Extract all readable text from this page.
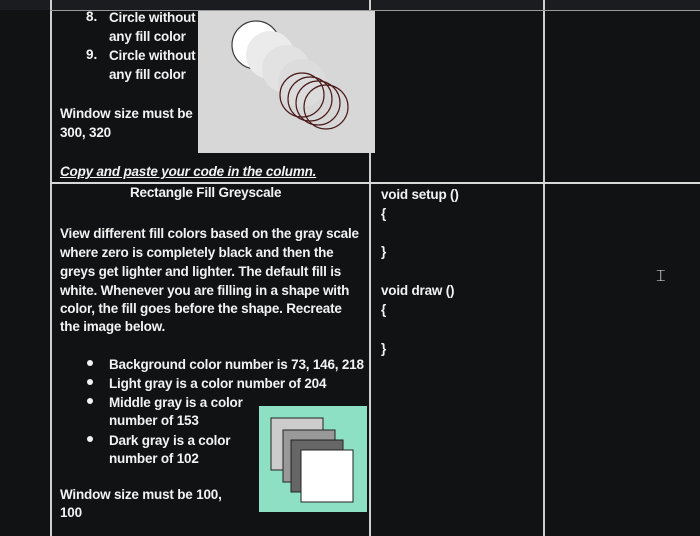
8. Circle without
any fill color
9. Circle without
any fill color
Window size must be
300, 320
Copy and paste your code in the column.
Rectangle Fill Greyscale
View different fill colors based on the gray scale
where zero is completely black and then the
greys get lighter and lighter. The default fill is
white. Whenever you are filling in a shape with
color, the fill goes before the shape. Recreate
the image below.
Background color number is 73, 146, 218
Light gray is a color number of 204
Middle gray is a color
number of 153
Dark gray is a color
number of 102
Window size must be 100,
100
void setup ()
{
}
void draw ()
{
}
⌶
